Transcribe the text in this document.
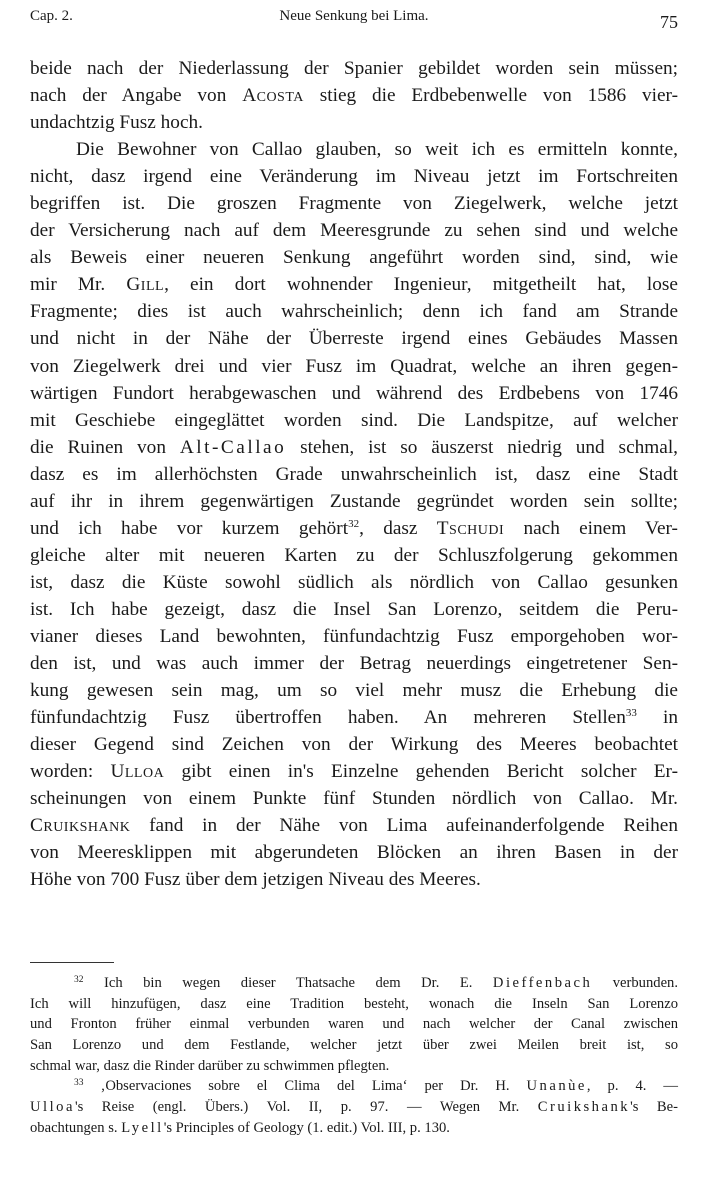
Cap. 2.	Neue Senkung bei Lima.	75
beide nach der Niederlassung der Spanier gebildet worden sein müssen;
nach der Angabe von Acosta stieg die Erdbebenwelle von 1586 vier-
undachtzig Fusz hoch.
Die Bewohner von Callao glauben, so weit ich es ermitteln konnte,
nicht, dasz irgend eine Veränderung im Niveau jetzt im Fortschreiten
begriffen ist. Die groszen Fragmente von Ziegelwerk, welche jetzt
der Versicherung nach auf dem Meeresgrunde zu sehen sind und welche
als Beweis einer neueren Senkung angeführt worden sind, sind, wie
mir Mr. Gill, ein dort wohnender Ingenieur, mitgetheilt hat, lose
Fragmente; dies ist auch wahrscheinlich; denn ich fand am Strande
und nicht in der Nähe der Überreste irgend eines Gebäudes Massen
von Ziegelwerk drei und vier Fusz im Quadrat, welche an ihren gegen-
wärtigen Fundort herabgewaschen und während des Erdbebens von 1746
mit Geschiebe eingeglättet worden sind. Die Landspitze, auf welcher
die Ruinen von Alt-Callao stehen, ist so äuszerst niedrig und schmal,
dasz es im allerhöchsten Grade unwahrscheinlich ist, dasz eine Stadt
auf ihr in ihrem gegenwärtigen Zustande gegründet worden sein sollte;
und ich habe vor kurzem gehört$^{32}$, dasz Tschudi nach einem Ver-
gleiche alter mit neueren Karten zu der Schluszfolgerung gekommen
ist, dasz die Küste sowohl südlich als nördlich von Callao gesunken
ist. Ich habe gezeigt, dasz die Insel San Lorenzo, seitdem die Peru-
vianer dieses Land bewohnten, fünfundachtzig Fusz emporgehoben wor-
den ist, und was auch immer der Betrag neuerdings eingetretener Sen-
kung gewesen sein mag, um so viel mehr musz die Erhebung die
fünfundachtzig Fusz übertroffen haben. An mehreren Stellen$^{33}$ in
dieser Gegend sind Zeichen von der Wirkung des Meeres beobachtet
worden: Ulloa gibt einen in's Einzelne gehenden Bericht solcher Er-
scheinungen von einem Punkte fünf Stunden nördlich von Callao. Mr.
Cruikshank fand in der Nähe von Lima aufeinanderfolgende Reihen
von Meeresklippen mit abgerundeten Blöcken an ihren Basen in der
Höhe von 700 Fusz über dem jetzigen Niveau des Meeres.
$^{32}$ Ich bin wegen dieser Thatsache dem Dr. E. Dieffenbach verbunden.
Ich will hinzufügen, dasz eine Tradition besteht, wonach die Inseln San Lorenzo
und Fronton früher einmal verbunden waren und nach welcher der Canal zwischen
San Lorenzo und dem Festlande, welcher jetzt über zwei Meilen breit ist, so
schmal war, dasz die Rinder darüber zu schwimmen pflegten.
$^{33}$ ‚Observaciones sobre el Clima del Lima‘ per Dr. H. Unanùe, p. 4. —
Ulloa's Reise (engl. Übers.) Vol. II, p. 97. — Wegen Mr. Cruikshank's Be-
obachtungen s. Lyell's Principles of Geology (1. edit.) Vol. III, p. 130.
